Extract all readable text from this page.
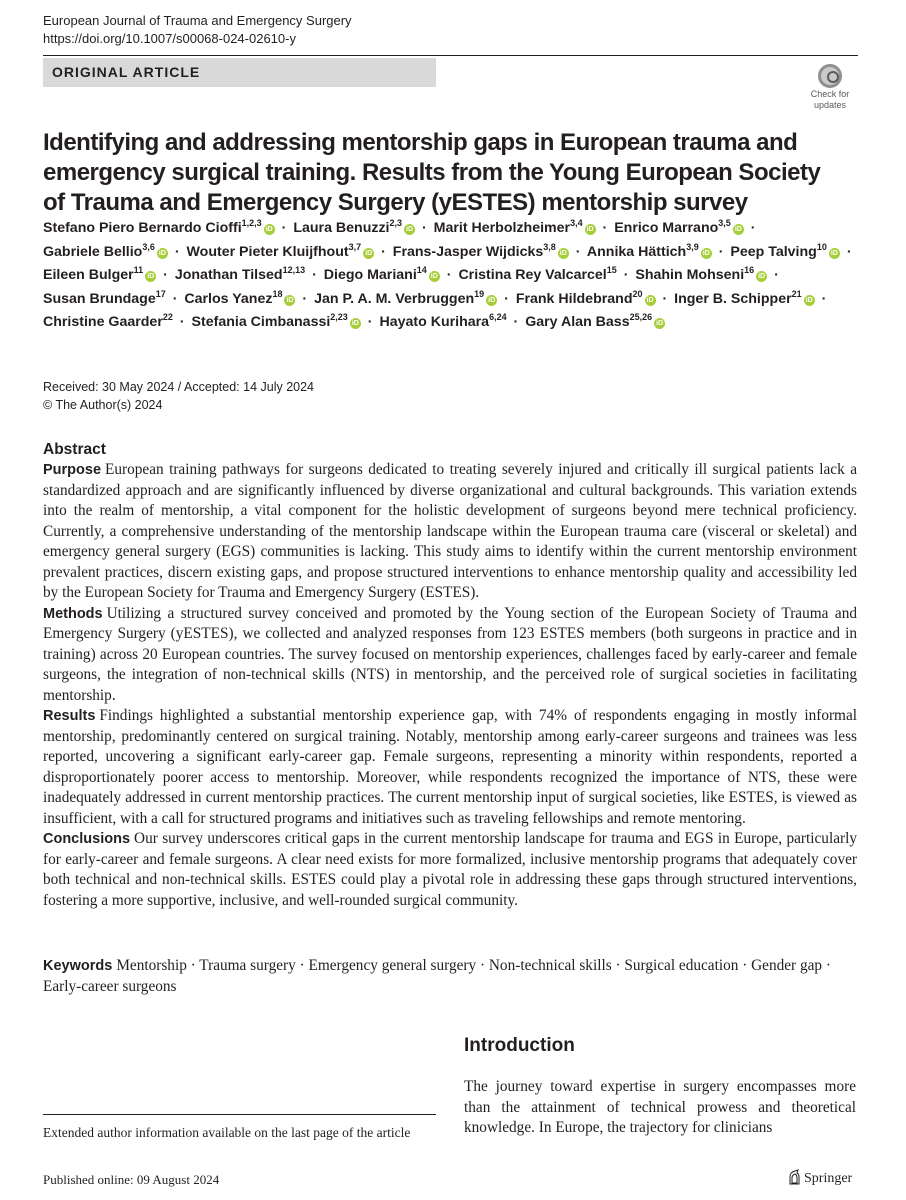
European Journal of Trauma and Emergency Surgery
https://doi.org/10.1007/s00068-024-02610-y
ORIGINAL ARTICLE
Check for
updates
Identifying and addressing mentorship gaps in European trauma and emergency surgical training. Results from the Young European Society of Trauma and Emergency Surgery (yESTES) mentorship survey
Stefano Piero Bernardo Cioffi$^{1,2,3}$iD · Laura Benuzzi$^{2,3}$iD · Marit Herbolzheimer$^{3,4}$iD · Enrico Marrano$^{3,5}$iD · Gabriele Bellio$^{3,6}$iD · Wouter Pieter Kluijfhout$^{3,7}$iD · Frans-Jasper Wijdicks$^{3,8}$iD · Annika Hättich$^{3,9}$iD · Peep Talving$^{10}$iD · Eileen Bulger$^{11}$iD · Jonathan Tilsed$^{12,13}$ · Diego Mariani$^{14}$iD · Cristina Rey Valcarcel$^{15}$ · Shahin Mohseni$^{16}$iD · Susan Brundage$^{17}$ · Carlos Yanez$^{18}$iD · Jan P. A. M. Verbruggen$^{19}$iD · Frank Hildebrand$^{20}$iD · Inger B. Schipper$^{21}$iD · Christine Gaarder$^{22}$ · Stefania Cimbanassi$^{2,23}$iD · Hayato Kurihara$^{6,24}$ · Gary Alan Bass$^{25,26}$iD
Received: 30 May 2024 / Accepted: 14 July 2024
© The Author(s) 2024
Abstract

Purpose European training pathways for surgeons dedicated to treating severely injured and critically ill surgical patients lack a standardized approach and are significantly influenced by diverse organizational and cultural backgrounds. This variation extends into the realm of mentorship, a vital component for the holistic development of surgeons beyond mere technical proficiency. Currently, a comprehensive understanding of the mentorship landscape within the European trauma care (visceral or skeletal) and emergency general surgery (EGS) communities is lacking. This study aims to identify within the current mentorship environment prevalent practices, discern existing gaps, and propose structured interventions to enhance mentorship quality and accessibility led by the European Society for Trauma and Emergency Surgery (ESTES).

Methods Utilizing a structured survey conceived and promoted by the Young section of the European Society of Trauma and Emergency Surgery (yESTES), we collected and analyzed responses from 123 ESTES members (both surgeons in practice and in training) across 20 European countries. The survey focused on mentorship experiences, challenges faced by early-career and female surgeons, the integration of non-technical skills (NTS) in mentorship, and the perceived role of surgical societies in facilitating mentorship.

Results Findings highlighted a substantial mentorship experience gap, with 74% of respondents engaging in mostly informal mentorship, predominantly centered on surgical training. Notably, mentorship among early-career surgeons and trainees was less reported, uncovering a significant early-career gap. Female surgeons, representing a minority within respondents, reported a disproportionately poorer access to mentorship. Moreover, while respondents recognized the importance of NTS, these were inadequately addressed in current mentorship practices. The current mentorship input of surgical societies, like ESTES, is viewed as insufficient, with a call for structured programs and initiatives such as traveling fellowships and remote mentoring.

Conclusions Our survey underscores critical gaps in the current mentorship landscape for trauma and EGS in Europe, particularly for early-career and female surgeons. A clear need exists for more formalized, inclusive mentorship programs that adequately cover both technical and non-technical skills. ESTES could play a pivotal role in addressing these gaps through structured interventions, fostering a more supportive, inclusive, and well-rounded surgical community.

Keywords Mentorship · Trauma surgery · Emergency general surgery · Non-technical skills · Surgical education · Gender gap · Early-career surgeons
Introduction

The journey toward expertise in surgery encompasses more than the attainment of technical prowess and theoretical knowledge. In Europe, the trajectory for clinicians

Extended author information available on the last page of the article
Published online: 09 August 2024	Springer
